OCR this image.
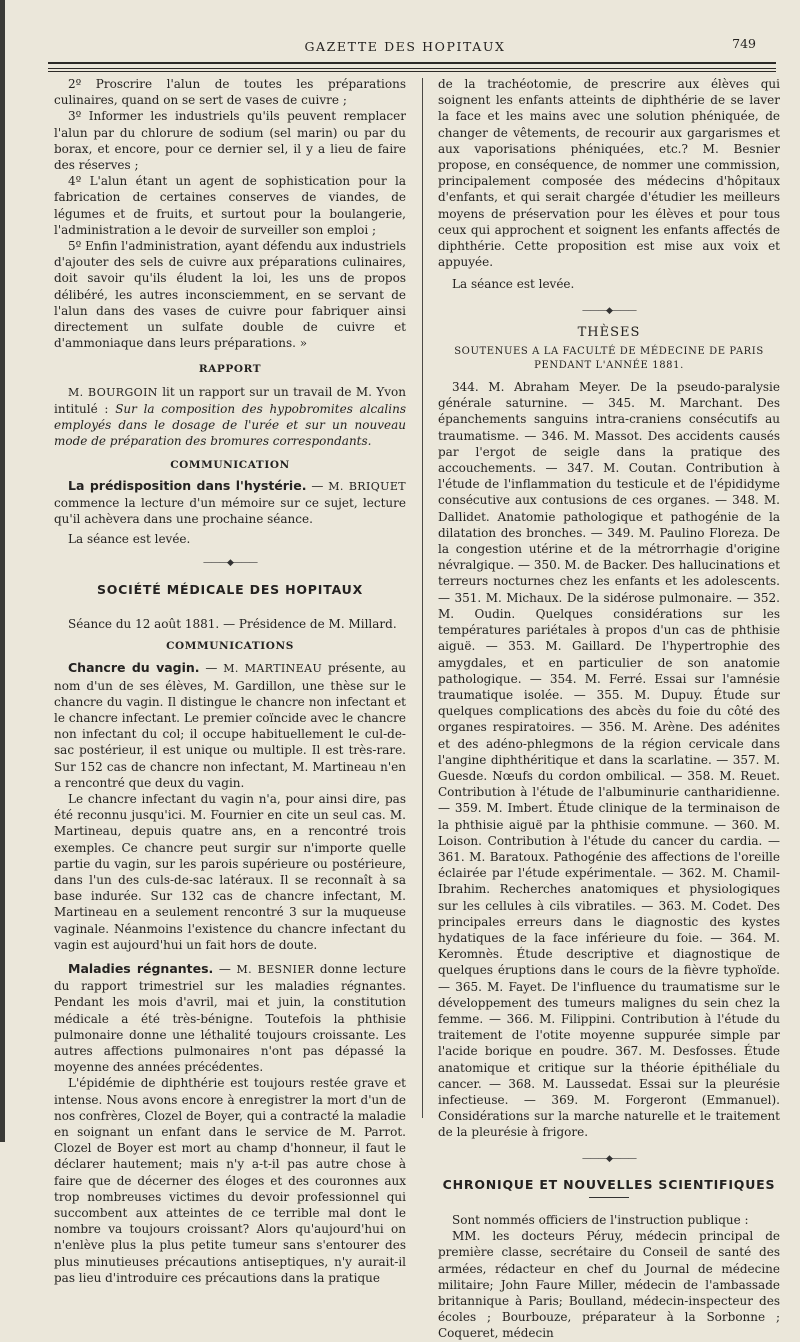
GAZETTE DES HOPITAUX	749

2º Proscrire l'alun de toutes les préparations culinaires, quand on se sert de vases de cuivre ;

3º Informer les industriels qu'ils peuvent remplacer l'alun par du chlorure de sodium (sel marin) ou par du borax, et encore, pour ce dernier sel, il y a lieu de faire des réserves ;

4º L'alun étant un agent de sophistication pour la fabrication de certaines conserves de viandes, de légumes et de fruits, et surtout pour la boulangerie, l'administration a le devoir de surveiller son emploi ;

5º Enfin l'administration, ayant défendu aux industriels d'ajouter des sels de cuivre aux préparations culinaires, doit savoir qu'ils éludent la loi, les uns de propos délibéré, les autres inconsciemment, en se servant de l'alun dans des vases de cuivre pour fabriquer ainsi directement un sulfate double de cuivre et d'ammoniaque dans leurs préparations. »

RAPPORT

M. BOURGOIN lit un rapport sur un travail de M. Yvon intitulé : Sur la composition des hypobromites alcalins employés dans le dosage de l'urée et sur un nouveau mode de préparation des bromures correspondants.

COMMUNICATION

La prédisposition dans l'hystérie. — M. BRIQUET commence la lecture d'un mémoire sur ce sujet, lecture qu'il achèvera dans une prochaine séance.

La séance est levée.

———◆———

SOCIÉTÉ MÉDICALE DES HOPITAUX

Séance du 12 août 1881. — Présidence de M. Millard.

COMMUNICATIONS

Chancre du vagin. — M. MARTINEAU présente, au nom d'un de ses élèves, M. Gardillon, une thèse sur le chancre du vagin. Il distingue le chancre non infectant et le chancre infectant. Le premier coïncide avec le chancre non infectant du col; il occupe habituellement le cul-de-sac postérieur, il est unique ou multiple. Il est très-rare. Sur 152 cas de chancre non infectant, M. Martineau n'en a rencontré que deux du vagin.

Le chancre infectant du vagin n'a, pour ainsi dire, pas été reconnu jusqu'ici. M. Fournier en cite un seul cas. M. Martineau, depuis quatre ans, en a rencontré trois exemples. Ce chancre peut surgir sur n'importe quelle partie du vagin, sur les parois supérieure ou postérieure, dans l'un des culs-de-sac latéraux. Il se reconnaît à sa base indurée. Sur 132 cas de chancre infectant, M. Martineau en a seulement rencontré 3 sur la muqueuse vaginale. Néanmoins l'existence du chancre infectant du vagin est aujourd'hui un fait hors de doute.

Maladies régnantes. — M. BESNIER donne lecture du rapport trimestriel sur les maladies régnantes. Pendant les mois d'avril, mai et juin, la constitution médicale a été très-bénigne. Toutefois la phthisie pulmonaire donne une léthalité toujours croissante. Les autres affections pulmonaires n'ont pas dépassé la moyenne des années précédentes.

L'épidémie de diphthérie est toujours restée grave et intense. Nous avons encore à enregistrer la mort d'un de nos confrères, Clozel de Boyer, qui a contracté la maladie en soignant un enfant dans le service de M. Parrot. Clozel de Boyer est mort au champ d'honneur, il faut le déclarer hautement; mais n'y a-t-il pas autre chose à faire que de décerner des éloges et des couronnes aux trop nombreuses victimes du devoir professionnel qui succombent aux atteintes de ce terrible mal dont le nombre va toujours croissant? Alors qu'aujourd'hui on n'enlève plus la plus petite tumeur sans s'entourer des plus minutieuses précautions antiseptiques, n'y aurait-il pas lieu d'introduire ces précautions dans la pratique

de la trachéotomie, de prescrire aux élèves qui soignent les enfants atteints de diphthérie de se laver la face et les mains avec une solution phéniquée, de changer de vêtements, de recourir aux gargarismes et aux vaporisations phéniquées, etc.? M. Besnier propose, en conséquence, de nommer une commission, principalement composée des médecins d'hôpitaux d'enfants, et qui serait chargée d'étudier les meilleurs moyens de préservation pour les élèves et pour tous ceux qui approchent et soignent les enfants affectés de diphthérie. Cette proposition est mise aux voix et appuyée.

La séance est levée.

———◆———

THÈSES

SOUTENUES A LA FACULTÉ DE MÉDECINE DE PARIS

PENDANT L'ANNÉE 1881.

344. M. Abraham Meyer. De la pseudo-paralysie générale saturnine. — 345. M. Marchant. Des épanchements sanguins intra-craniens consécutifs au traumatisme. — 346. M. Massot. Des accidents causés par l'ergot de seigle dans la pratique des accouchements. — 347. M. Coutan. Contribution à l'étude de l'inflammation du testicule et de l'épididyme consécutive aux contusions de ces organes. — 348. M. Dallidet. Anatomie pathologique et pathogénie de la dilatation des bronches. — 349. M. Paulino Floreza. De la congestion utérine et de la métrorrhagie d'origine névralgique. — 350. M. de Backer. Des hallucinations et terreurs nocturnes chez les enfants et les adolescents. — 351. M. Michaux. De la sidérose pulmonaire. — 352. M. Oudin. Quelques considérations sur les températures pariétales à propos d'un cas de phthisie aiguë. — 353. M. Gaillard. De l'hypertrophie des amygdales, et en particulier de son anatomie pathologique. — 354. M. Ferré. Essai sur l'amnésie traumatique isolée. — 355. M. Dupuy. Étude sur quelques complications des abcès du foie du côté des organes respiratoires. — 356. M. Arène. Des adénites et des adéno-phlegmons de la région cervicale dans l'angine diphthéritique et dans la scarlatine. — 357. M. Guesde. Nœufs du cordon ombilical. — 358. M. Reuet. Contribution à l'étude de l'albuminurie cantharidienne. — 359. M. Imbert. Étude clinique de la terminaison de la phthisie aiguë par la phthisie commune. — 360. M. Loison. Contribution à l'étude du cancer du cardia. — 361. M. Baratoux. Pathogénie des affections de l'oreille éclairée par l'étude expérimentale. — 362. M. Chamil-Ibrahim. Recherches anatomiques et physiologiques sur les cellules à cils vibratiles. — 363. M. Codet. Des principales erreurs dans le diagnostic des kystes hydatiques de la face inférieure du foie. — 364. M. Keromnès. Étude descriptive et diagnostique de quelques éruptions dans le cours de la fièvre typhoïde. — 365. M. Fayet. De l'influence du traumatisme sur le développement des tumeurs malignes du sein chez la femme. — 366. M. Filippini. Contribution à l'étude du traitement de l'otite moyenne suppurée simple par l'acide borique en poudre. 367. M. Desfosses. Étude anatomique et critique sur la théorie épithéliale du cancer. — 368. M. Laussedat. Essai sur la pleurésie infectieuse. — 369. M. Forgeront (Emmanuel). Considérations sur la marche naturelle et le traitement de la pleurésie à frigore.

———◆———

CHRONIQUE ET NOUVELLES SCIENTIFIQUES

Sont nommés officiers de l'instruction publique :

MM. les docteurs Péruy, médecin principal de première classe, secrétaire du Conseil de santé des armées, rédacteur en chef du Journal de médecine militaire; John Faure Miller, médecin de l'ambassade britannique à Paris; Boulland, médecin-inspecteur des écoles ; Bourbouze, préparateur à la Sorbonne ; Coqueret, médecin
